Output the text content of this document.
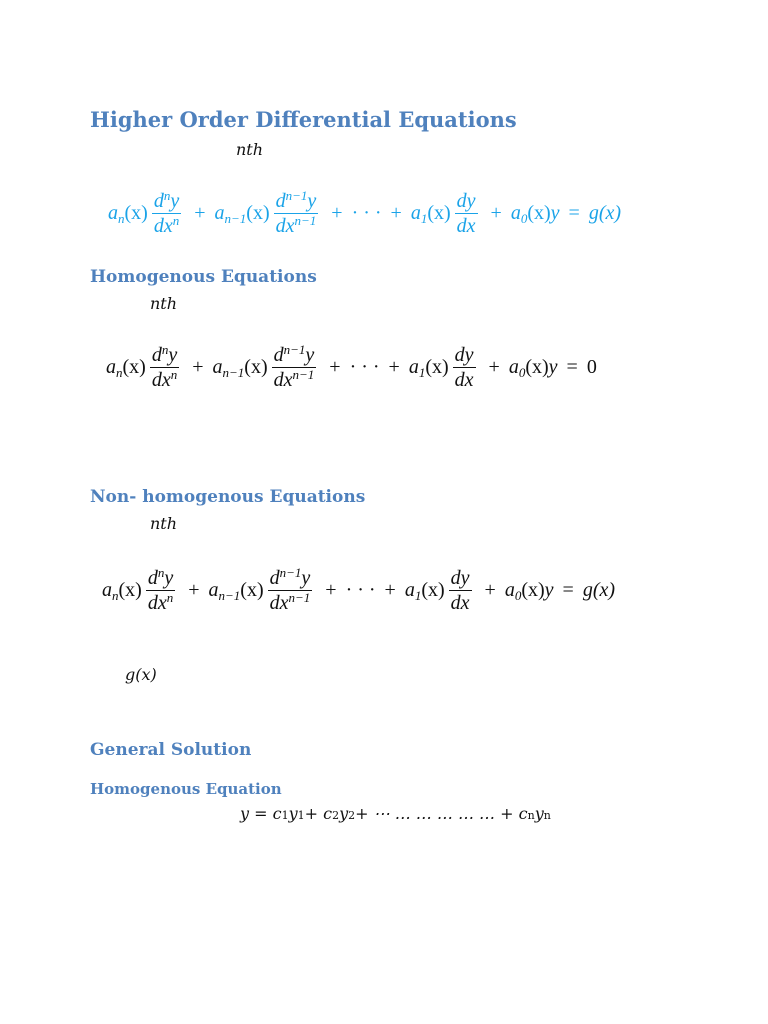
Higher Order Differential Equations
nth
$a_n(x) \frac{d^ny}{dx^n} + a_{n-1}(x) \frac{d^{n-1}y}{dx^{n-1}}$ + · · · + $a_1(x) \frac{dy}{dx} + a_0(x)y = g(x)$
Homogenous Equations
nth
$a_n(x) \frac{d^ny}{dx^n} + a_{n-1}(x) \frac{d^{n-1}y}{dx^{n-1}}$ + · · · + $a_1(x) \frac{dy}{dx} + a_0(x)y = 0$
Non- homogenous Equations
nth
$a_n(x) \frac{d^ny}{dx^n} + a_{n-1}(x) \frac{d^{n-1}y}{dx^{n-1}}$ + · · · + $a_1(x) \frac{dy}{dx} + a_0(x)y = g(x)$
g(x)
General Solution
Homogenous Equation
y = c 1 y 1 + c 2 y 2 + ⋯ … … … … … + c n y n
